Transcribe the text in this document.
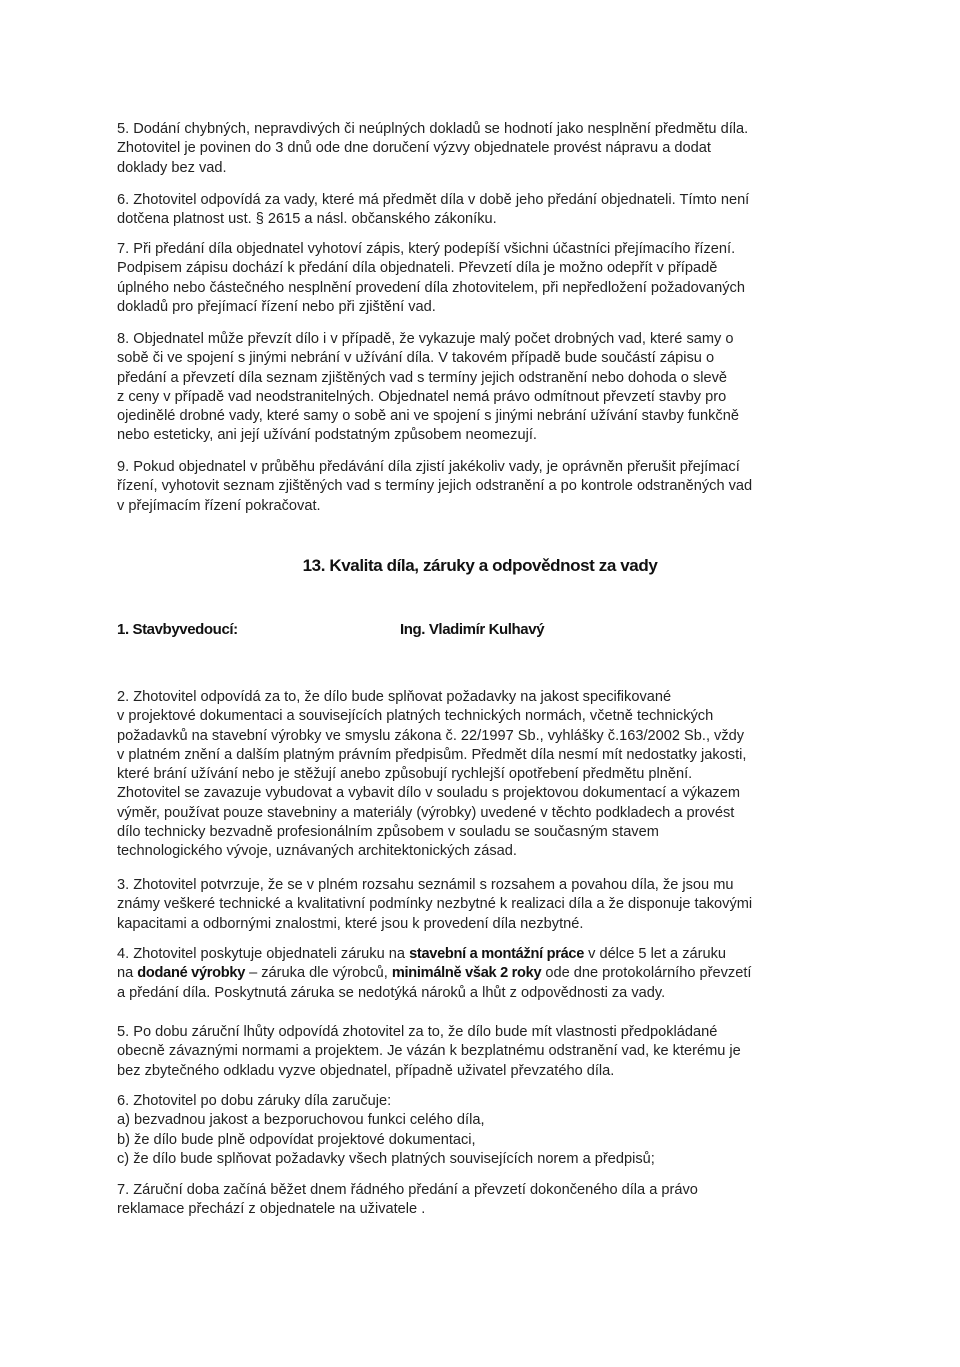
5. Dodání chybných, nepravdivých či neúplných dokladů se hodnotí jako nesplnění předmětu díla.
Zhotovitel je povinen do 3 dnů ode dne doručení výzvy objednatele provést nápravu a dodat
doklady bez vad.
6. Zhotovitel odpovídá za vady, které má předmět díla v době jeho předání objednateli. Tímto není
dotčena platnost ust. § 2615 a násl. občanského zákoníku.
7. Při předání díla objednatel vyhotoví zápis, který podepíší všichni účastníci přejímacího řízení.
Podpisem zápisu dochází k předání díla objednateli. Převzetí díla je možno odepřít v případě
úplného nebo částečného nesplnění provedení díla zhotovitelem, při nepředložení požadovaných
dokladů pro přejímací řízení nebo při zjištění vad.
8. Objednatel může převzít dílo i v případě, že vykazuje malý počet drobných vad, které samy o
sobě či ve spojení s jinými nebrání v užívání díla. V takovém případě bude součástí zápisu o
předání a převzetí díla seznam zjištěných vad s termíny jejich odstranění nebo dohoda o slevě
z ceny v případě vad neodstranitelných. Objednatel nemá právo odmítnout převzetí stavby pro
ojedinělé drobné vady, které samy o sobě ani ve spojení s jinými nebrání užívání stavby funkčně
nebo esteticky, ani její užívání podstatným způsobem neomezují.
9. Pokud objednatel v průběhu předávání díla zjistí jakékoliv vady, je oprávněn přerušit přejímací
řízení, vyhotovit seznam zjištěných vad s termíny jejich odstranění a po kontrole odstraněných vad
v přejímacím řízení pokračovat.

13. Kvalita díla, záruky a odpovědnost za vady

1. Stavbyvedoucí:	Ing. Vladimír Kulhavý

2. Zhotovitel odpovídá za to, že dílo bude splňovat požadavky na jakost specifikované
v projektové dokumentaci a souvisejících platných technických normách, včetně technických
požadavků na stavební výrobky ve smyslu zákona č. 22/1997 Sb., vyhlášky č.163/2002 Sb., vždy
v platném znění a dalším platným právním předpisům. Předmět díla nesmí mít nedostatky jakosti,
které brání užívání nebo je stěžují anebo způsobují rychlejší opotřebení předmětu plnění.
Zhotovitel se zavazuje vybudovat a vybavit dílo v souladu s projektovou dokumentací a výkazem
výměr, používat pouze stavebniny a materiály (výrobky) uvedené v těchto podkladech a provést
dílo technicky bezvadně profesionálním způsobem v souladu se současným stavem
technologického vývoje, uznávaných architektonických zásad.
3. Zhotovitel potvrzuje, že se v plném rozsahu seznámil s rozsahem a povahou díla, že jsou mu
známy veškeré technické a kvalitativní podmínky nezbytné k realizaci díla a že disponuje takovými
kapacitami a odbornými znalostmi, které jsou k provedení díla nezbytné.
4. Zhotovitel poskytuje objednateli záruku na stavební a montážní práce v délce 5 let a záruku
na dodané výrobky – záruka dle výrobců, minimálně však 2 roky ode dne protokolárního převzetí
a předání díla. Poskytnutá záruka se nedotýká nároků a lhůt z odpovědnosti za vady.
5. Po dobu záruční lhůty odpovídá zhotovitel za to, že dílo bude mít vlastnosti předpokládané
obecně závaznými normami a projektem. Je vázán k bezplatnému odstranění vad, ke kterému je
bez zbytečného odkladu vyzve objednatel, případně uživatel převzatého díla.
6. Zhotovitel po dobu záruky díla zaručuje:
a) bezvadnou jakost a bezporuchovou funkci celého díla,
b) že dílo bude plně odpovídat projektové dokumentaci,
c) že dílo bude splňovat požadavky všech platných souvisejících norem a předpisů;
7. Záruční doba začíná běžet dnem řádného předání a převzetí dokončeného díla a právo
reklamace přechází z objednatele na uživatele .
